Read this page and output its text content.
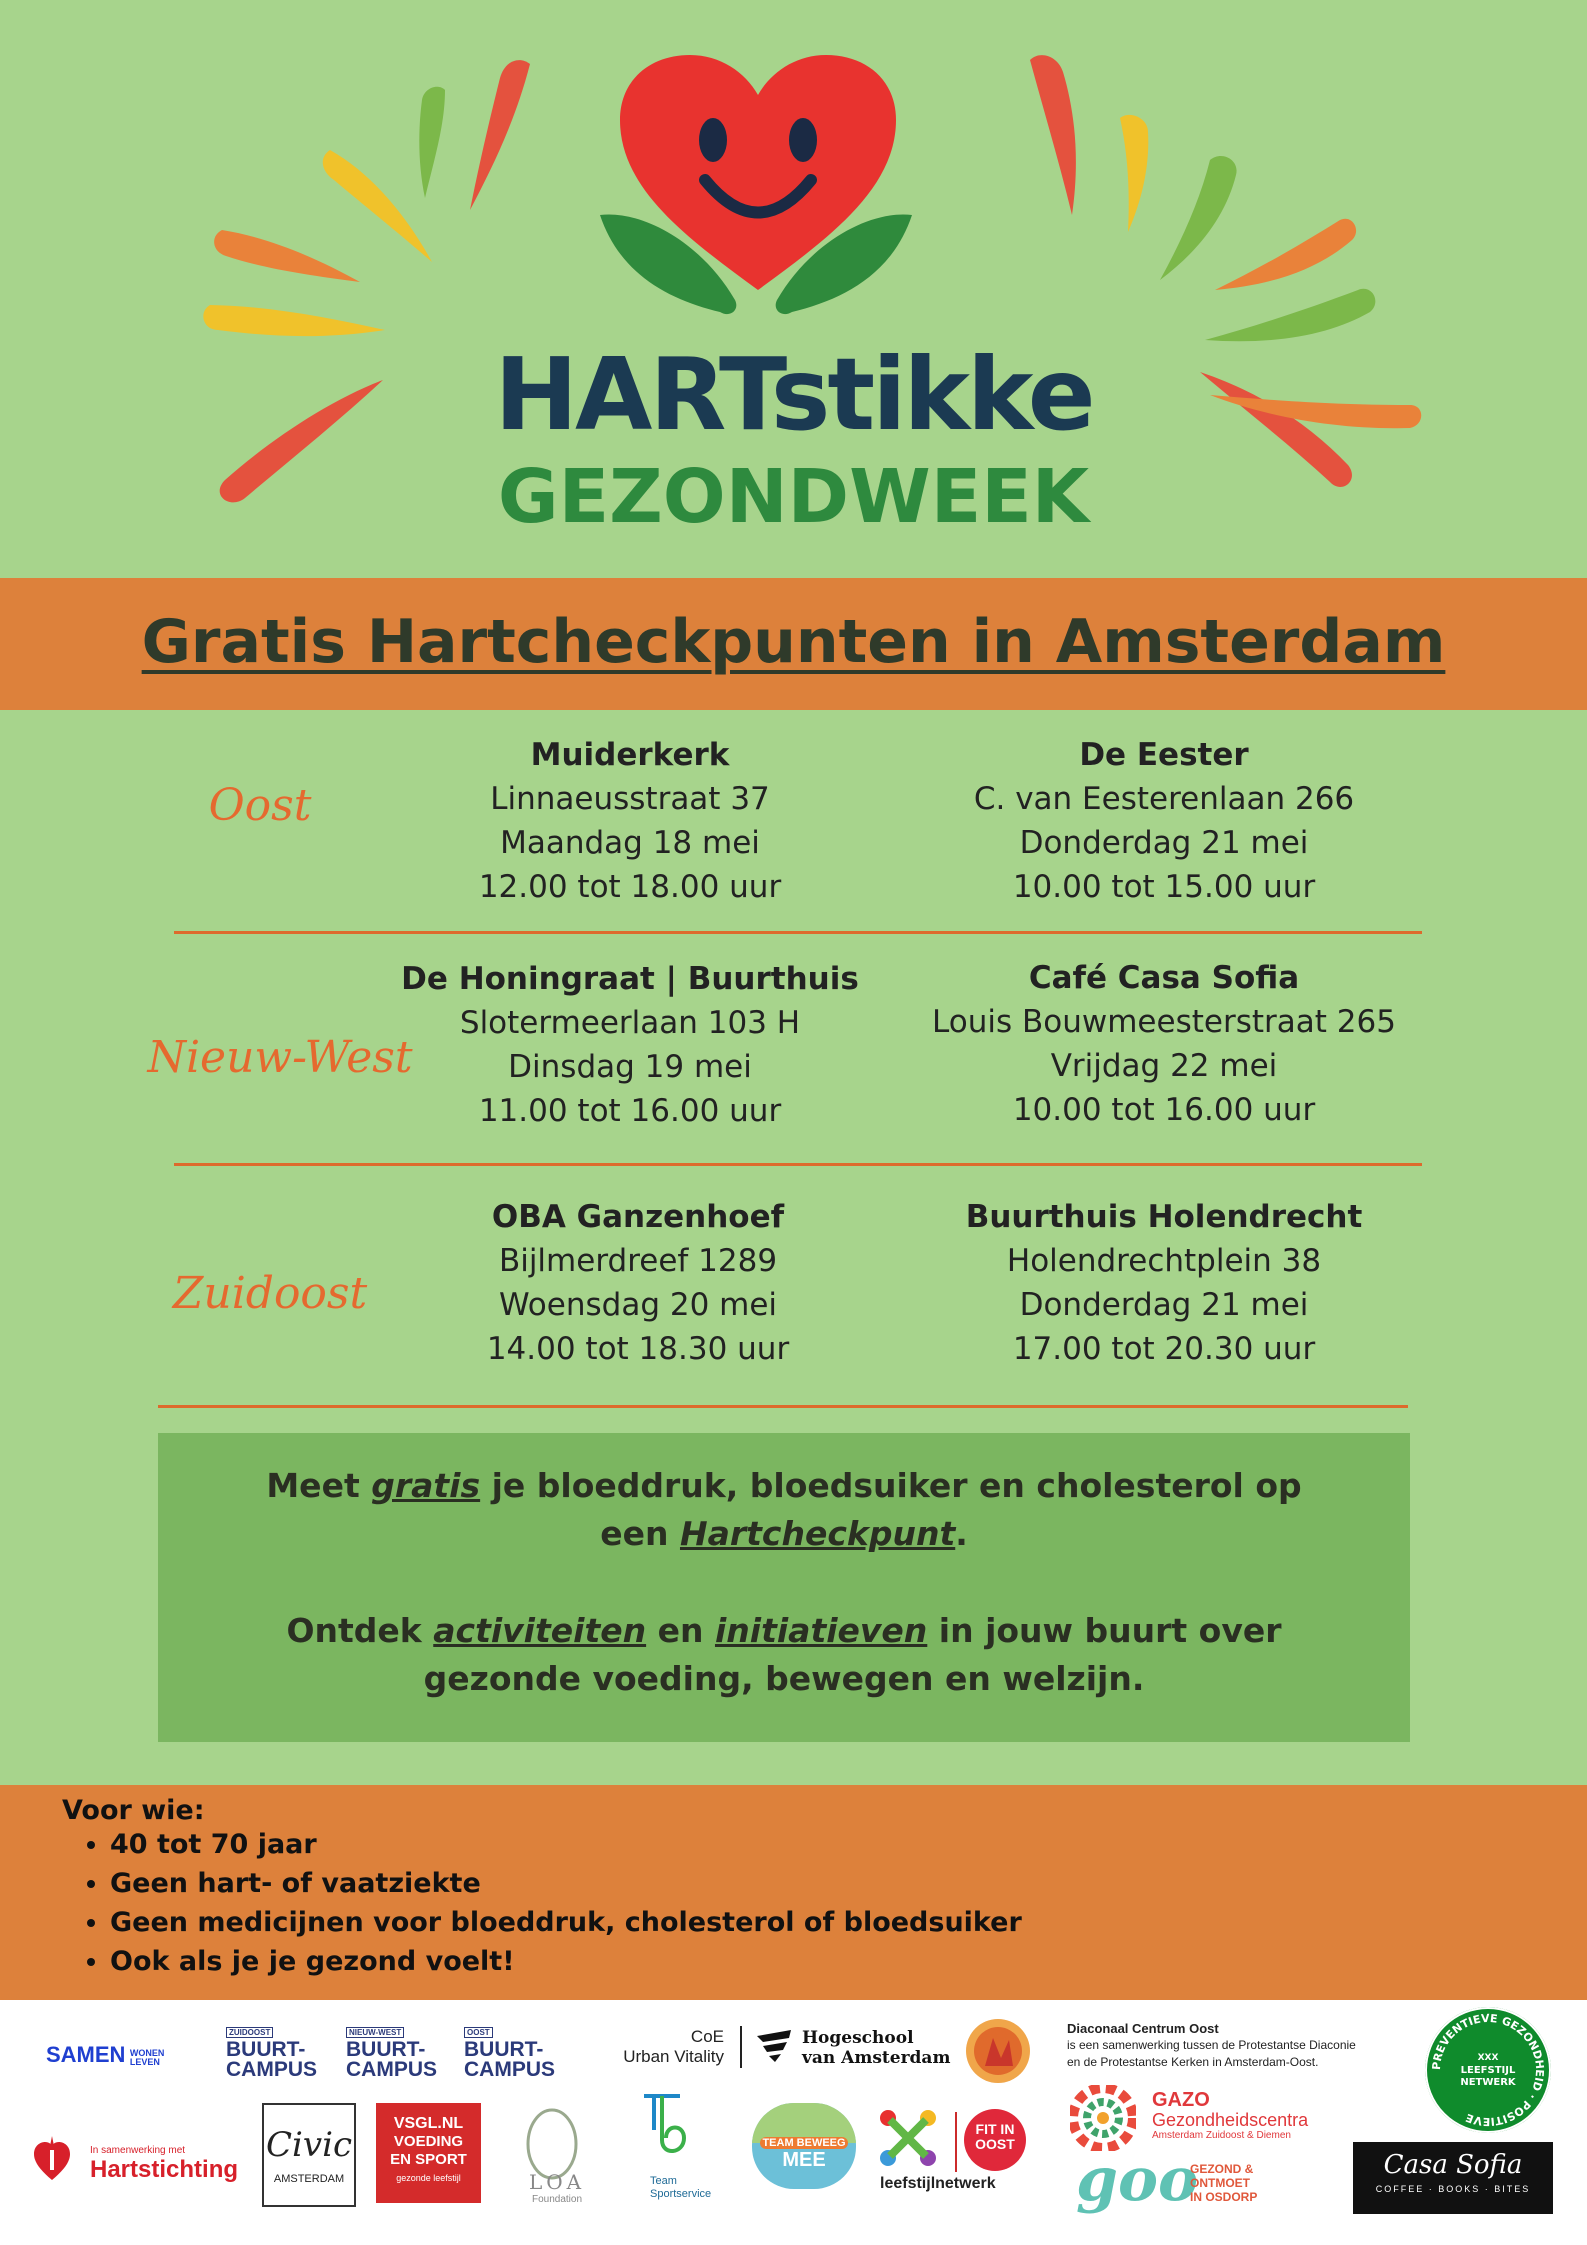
HARTstikke
GEZONDWEEK
Gratis Hartcheckpunten in Amsterdam
Oost
Muiderkerk
Linnaeusstraat 37
Maandag 18 mei
12.00 tot 18.00 uur
De Eester
C. van Eesterenlaan 266
Donderdag 21 mei
10.00 tot 15.00 uur
Nieuw-West
De Honingraat | Buurthuis
Slotermeerlaan 103 H
Dinsdag 19 mei
11.00 tot 16.00 uur
Café Casa Sofia
Louis Bouwmeesterstraat 265
Vrijdag 22 mei
10.00 tot 16.00 uur
Zuidoost
OBA Ganzenhoef
Bijlmerdreef 1289
Woensdag 20 mei
14.00 tot 18.30 uur
Buurthuis Holendrecht
Holendrechtplein 38
Donderdag 21 mei
17.00 tot 20.30 uur

Meet gratis je bloeddruk, bloedsuiker en cholesterol op
een Hartcheckpunt.

Ontdek activiteiten en initiatieven in jouw buurt over
gezonde voeding, bewegen en welzijn.

Voor wie:
• 40 tot 70 jaar
• Geen hart- of vaatziekte
• Geen medicijnen voor bloeddruk, cholesterol of bloedsuiker
• Ook als je je gezond voelt!
SAMEN WONEN
LEVEN
ZUIDOOST
BUURT-
CAMPUS
NIEUW-WEST
BUURT-
CAMPUS
OOST
BUURT-
CAMPUS
CoE
Urban Vitality
Hogeschool
van Amsterdam
Diaconaal Centrum Oost
is een samenwerking tussen de Protestantse Diaconie
en de Protestantse Kerken in Amsterdam-Oost.	PREVENTIEVE GEZONDHEID · POSITIEVE
XXX
LEEFSTIJL
NETWERK
In samenwerking met
Hartstichting
Civic
AMSTERDAM
VSGL.NL
VOEDING
EN SPORT
gezonde leefstijl	LOA
Foundation
Team
Sportservice
TEAM BEWEEG
MEE
FIT IN
OOST
leefstijlnetwerk
GAZO
Gezondheidscentra
Amsterdam Zuidoost & Diemen
goo
GEZOND &
ONTMOET
IN OSDORP
Casa Sofia
COFFEE · BOOKS · BITES
